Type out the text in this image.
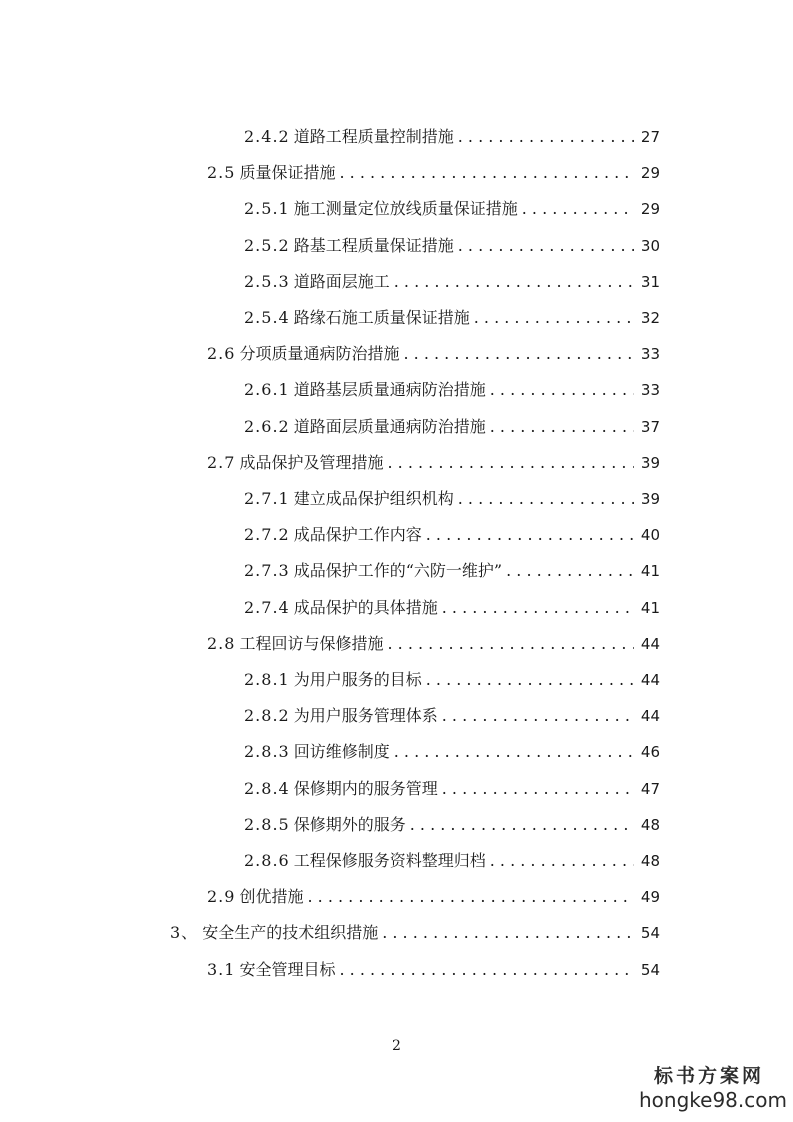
2.4.2 道路工程质量控制措施 . . .	27
2.5 质量保证措施 . . .	29
2.5.1 施工测量定位放线质量保证措施 . . .	29
2.5.2 路基工程质量保证措施 . . .	30
2.5.3 道路面层施工 . . .	31
2.5.4 路缘石施工质量保证措施 . . .	32
2.6 分项质量通病防治措施 . . .	33
2.6.1 道路基层质量通病防治措施 . . .	33
2.6.2 道路面层质量通病防治措施 . . .	37
2.7 成品保护及管理措施 . . .	39
2.7.1 建立成品保护组织机构 . . .	39
2.7.2 成品保护工作内容 . . .	40
2.7.3 成品保护工作的“六防一维护” . . .	41
2.7.4 成品保护的具体措施 . . .	41
2.8 工程回访与保修措施 . . .	44
2.8.1 为用户服务的目标 . . .	44
2.8.2 为用户服务管理体系 . . .	44
2.8.3 回访维修制度 . . .	46
2.8.4 保修期内的服务管理 . . .	47
2.8.5 保修期外的服务 . . .	48
2.8.6 工程保修服务资料整理归档 . . .	48
2.9 创优措施 . . .	49
3、 安全生产的技术组织措施 . . .	54
3.1 安全管理目标 . . .	54
2
标书方案网
hongke98.com
